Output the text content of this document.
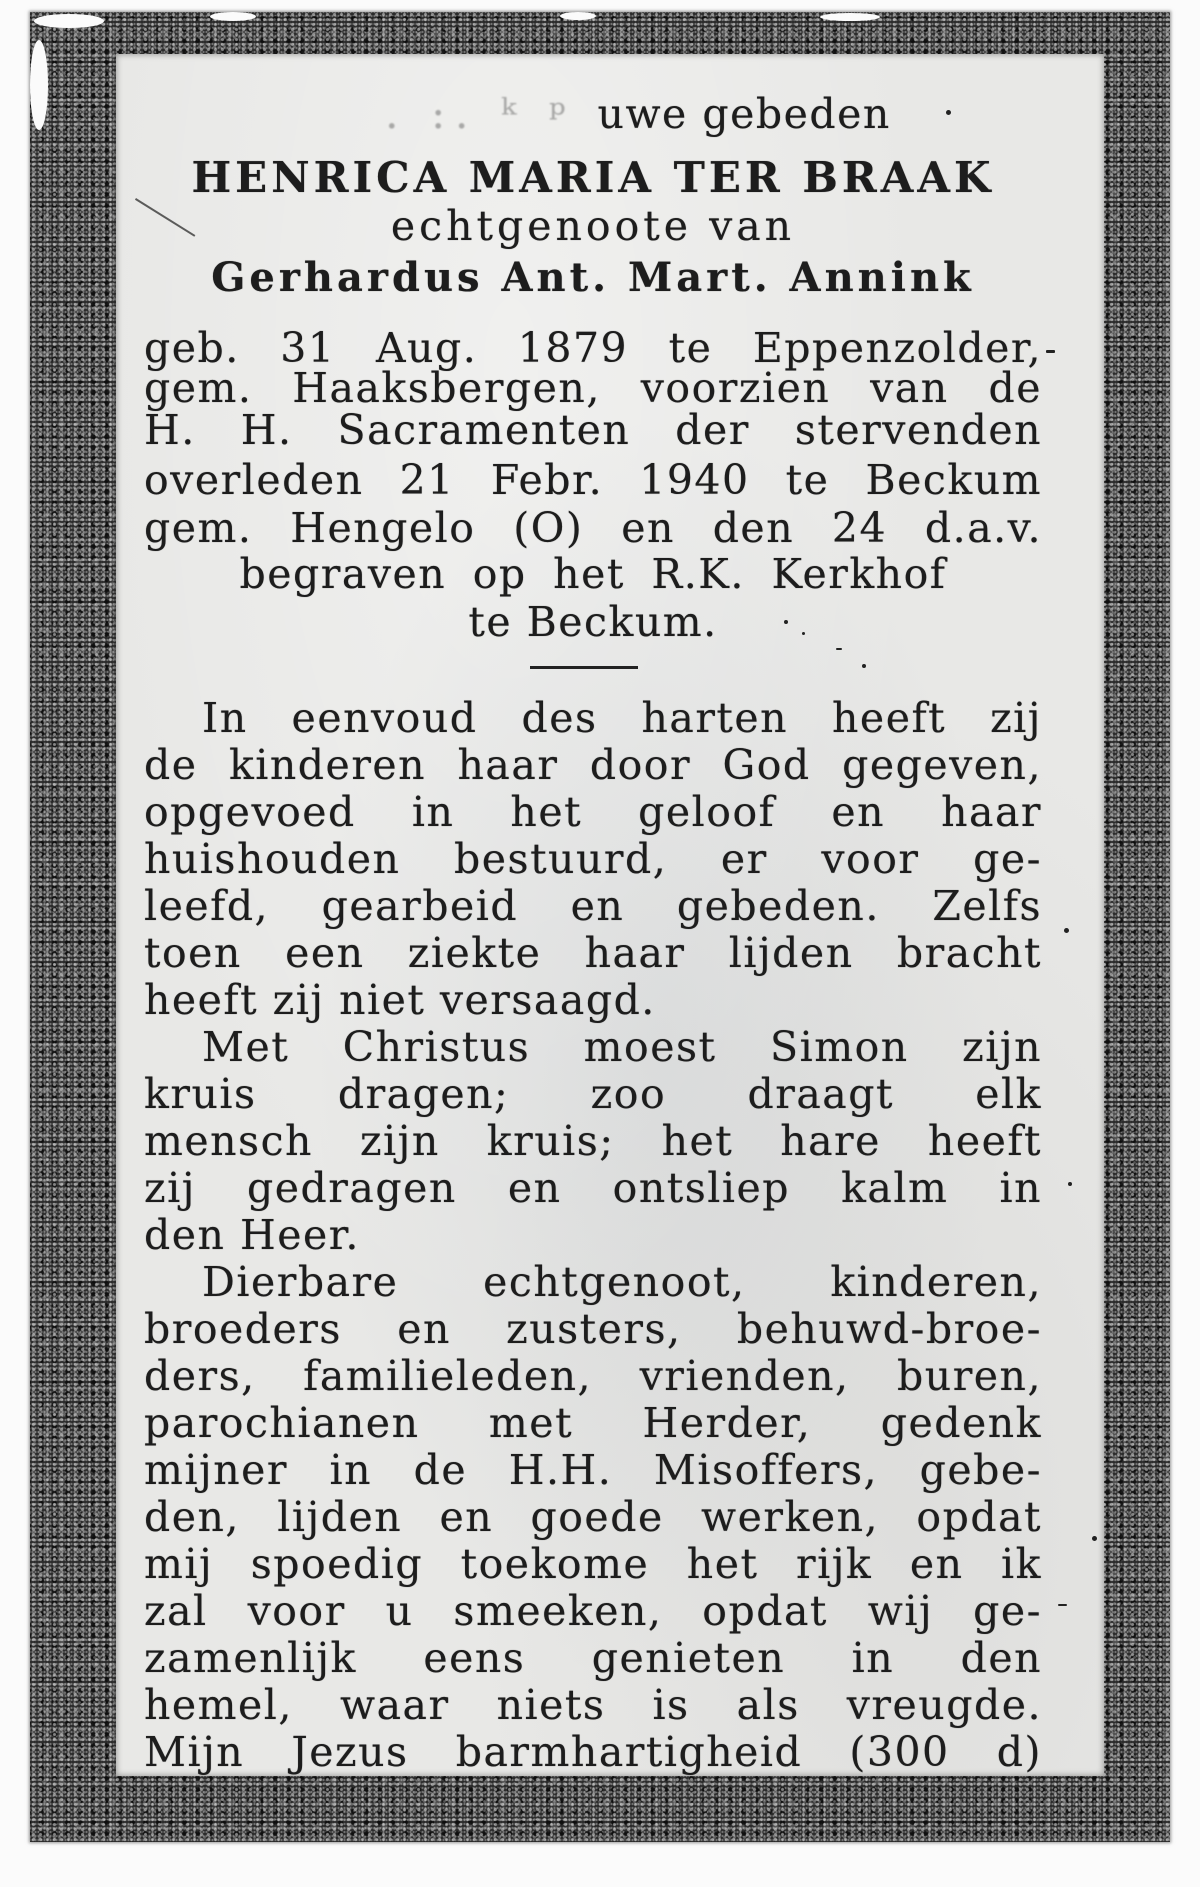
. :. ᵏ ᵖ uwe gebeden
HENRICA MARIA TER BRAAK
echtgenoote van
Gerhardus Ant. Mart. Annink
geb. 31 Aug. 1879 te Eppenzolder,
gem. Haaksbergen, voorzien van de
H. H. Sacramenten der stervenden
overleden 21 Febr. 1940 te Beckum
gem. Hengelo (O) en den 24 d.a.v.
begraven op het R.K. Kerkhof
te Beckum.
In eenvoud des harten heeft zij
de kinderen haar door God gegeven,
opgevoed in het geloof en haar
huishouden bestuurd, er voor ge-
leefd, gearbeid en gebeden. Zelfs
toen een ziekte haar lijden bracht
heeft zij niet versaagd.
Met Christus moest Simon zijn
kruis dragen; zoo draagt elk
mensch zijn kruis; het hare heeft
zij gedragen en ontsliep kalm in
den Heer.
Dierbare echtgenoot, kinderen,
broeders en zusters, behuwd-broe-
ders, familieleden, vrienden, buren,
parochianen met Herder, gedenk
mijner in de H.H. Misoffers, gebe-
den, lijden en goede werken, opdat
mij spoedig toekome het rijk en ik
zal voor u smeeken, opdat wij ge-
zamenlijk eens genieten in den
hemel, waar niets is als vreugde.
Mijn Jezus barmhartigheid (300 d)
